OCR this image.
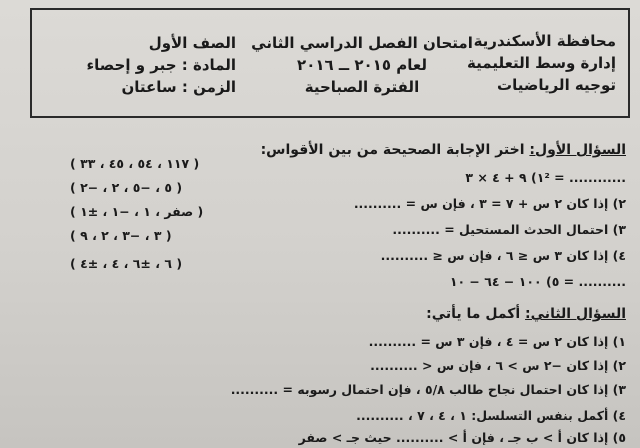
محافظة الأسكندرية
إدارة وسط التعليمية
توجيه الرياضيات
امتحان الفصل الدراسي الثاني
لعام ٢٠١٥ ــ ٢٠١٦
الفترة الصباحية
الصف الأول
المادة : جبر و إحصاء
الزمن : ساعتان
السؤال الأول: اختر الإجابة الصحيحة من بين الأقواس:
١) ٩ + ٤ × ٣² = ............
٢) إذا كان ٢ س + ٧ = ٣ ، فإن س = ..........
٣) احتمال الحدث المستحيل = ..........
٤) إذا كان ٣ س ≤ ٦ ، فإن س ≤ ..........
٥) ١٠٠ − ٦٤ − ١٠ = ..........
( ١١٧ ، ٥٤ ، ٤٥ ، ٣٣ )
( ٥ ، −٥ ، ٢ ، −٢ )
( صفر ، ١ ، −١ ، ±١ )
( ٣ ، −٣ ، ٢ ، ٩ )
( ٦ ، ±٦ ، ٤ ، ±٤ )
السؤال الثاني: أكمل ما يأتي:
١) إذا كان ٢ س = ٤ ، فإن ٣ س = ..........
٢) إذا كان −٢ س > ٦ ، فإن س < ..........
٣) إذا كان احتمال نجاح طالب ٥/٨ ، فإن احتمال رسوبه = ..........
٤) أكمل بنفس التسلسل: ١ ، ٤ ، ٧ ، ..........
٥) إذا كان أ > ب جـ ، فإن أ > .......... حيث جـ > صفر
